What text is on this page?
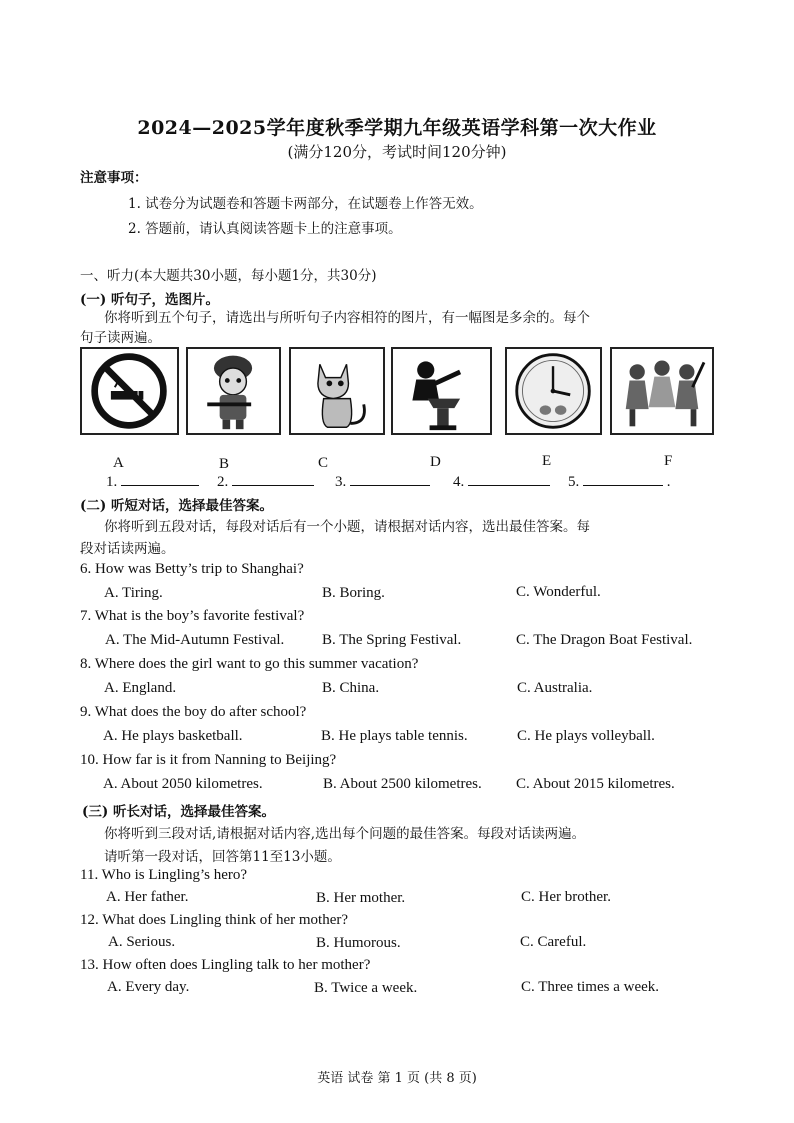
2024—2025学年度秋季学期九年级英语学科第一次大作业
(满分120分，考试时间120分钟)
注意事项：
1. 试卷分为试题卷和答题卡两部分，在试题卷上作答无效。
2. 答题前，请认真阅读答题卡上的注意事项。
一、听力(本大题共30小题，每小题1分，共30分)
(一) 听句子，选图片。
你将听到五个句子，请选出与所听句子内容相符的图片，有一幅图是多余的。每个
句子读两遍。
A	B	C	D	E	F
1.	2.	3.	4.	5.	.
(二) 听短对话，选择最佳答案。
你将听到五段对话，每段对话后有一个小题，请根据对话内容，选出最佳答案。每
段对话读两遍。
6. How was Betty’s trip to Shanghai?
A. Tiring.	B. Boring.	C. Wonderful.
7. What is the boy’s favorite festival?
A. The Mid-Autumn Festival.	B. The Spring Festival.	C. The Dragon Boat Festival.
8. Where does the girl want to go this summer vacation?
A. England.	B. China.	C. Australia.
9. What does the boy do after school?
A. He plays basketball.	B. He plays table tennis.	C. He plays volleyball.
10. How far is it from Nanning to Beijing?
A. About 2050 kilometres.	B. About 2500 kilometres. C. About 2015 kilometres.
(三) 听长对话，选择最佳答案。
你将听到三段对话,请根据对话内容,选出每个问题的最佳答案。每段对话读两遍。
请听第一段对话，回答第11至13小题。
11. Who is Lingling’s hero?
A. Her father.	B. Her mother.	C. Her brother.
12. What does Lingling think of her mother?
A. Serious.	B. Humorous.	C. Careful.
13. How often does Lingling talk to her mother?
A. Every day.	B. Twice a week.	C. Three times a week.
英语 试卷 第 1 页 (共 8 页)
